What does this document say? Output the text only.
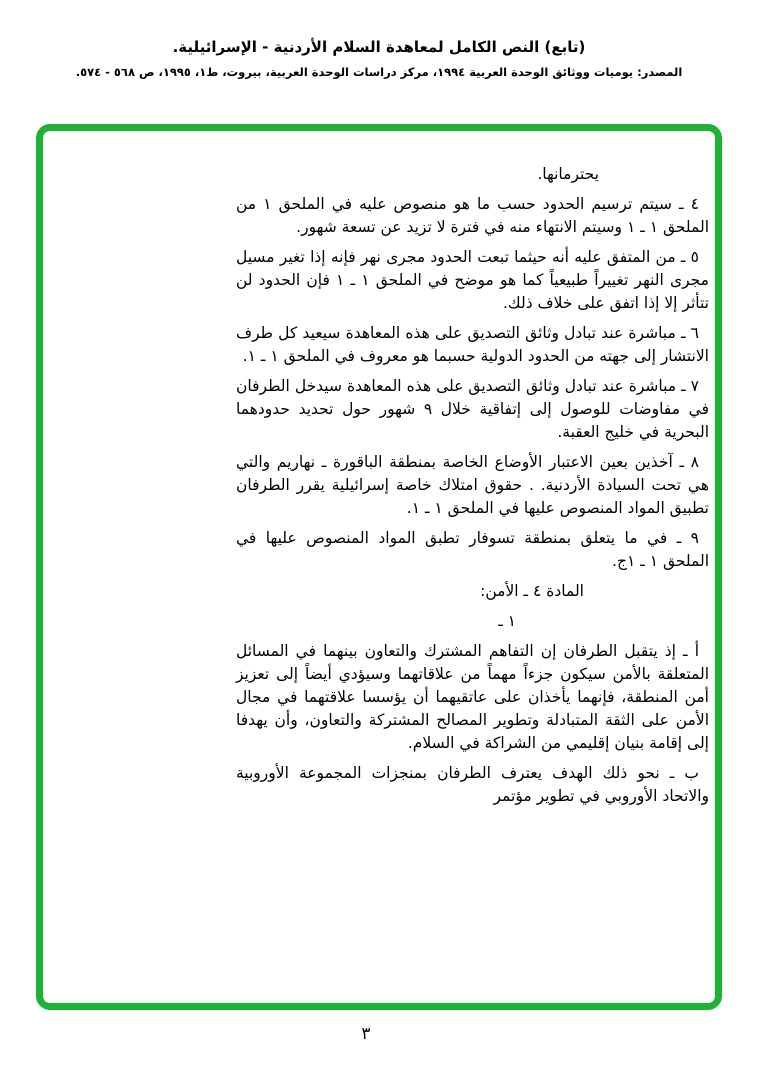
(تابع) النص الكامل لمعاهدة السلام الأردنية - الإسرائيلية.
المصدر: يوميات ووثائق الوحدة العربية ١٩٩٤، مركز دراسات الوحدة العربية، بيروت، ط١، ١٩٩٥، ص ٥٦٨ - ٥٧٤.

يحترمانها.

٤ ـ سيتم ترسيم الحدود حسب ما هو منصوص عليه في الملحق ١ من الملحق ١ ـ ١ وسيتم الانتهاء منه في فترة لا تزيد عن تسعة شهور.

٥ ـ من المتفق عليه أنه حيثما تبعت الحدود مجرى نهر فإنه إذا تغير مسيل مجرى النهر تغييراً طبيعياً كما هو موضح في الملحق ١ ـ ١ فإن الحدود لن تتأثر إلا إذا اتفق على خلاف ذلك.

٦ ـ مباشرة عند تبادل وثائق التصديق على هذه المعاهدة سيعيد كل طرف الانتشار إلى جهته من الحدود الدولية حسبما هو معروف في الملحق ١ ـ ١.

٧ ـ مباشرة عند تبادل وثائق التصديق على هذه المعاهدة سيدخل الطرفان في مفاوضات للوصول إلى إتفاقية خلال ٩ شهور حول تحديد حدودهما البحرية في خليج العقبة.

٨ ـ آخذين بعين الاعتبار الأوضاع الخاصة بمنطقة الباقورة ـ نهاريم والتي هي تحت السيادة الأردنية. . حقوق امتلاك خاصة إسرائيلية يقرر الطرفان تطبيق المواد المنصوص عليها في الملحق ١ ـ ١.

٩ ـ في ما يتعلق بمنطقة تسوفار تطبق المواد المنصوص عليها في الملحق ١ ـ ١ج.

المادة ٤ ـ الأمن:

١ ـ

أ ـ إذ يتقبل الطرفان إن التفاهم المشترك والتعاون بينهما في المسائل المتعلقة بالأمن سيكون جزءاً مهماً من علاقاتهما وسيؤدي أيضاً إلى تعزيز أمن المنطقة، فإنهما يأخذان على عاتقيهما أن يؤسسا علاقتهما في مجال الأمن على الثقة المتبادلة وتطوير المصالح المشتركة والتعاون، وأن يهدفا إلى إقامة بنيان إقليمي من الشراكة في السلام.

ب ـ نحو ذلك الهدف يعترف الطرفان بمنجزات المجموعة الأوروبية والاتحاد الأوروبي في تطوير مؤتمر

٣
